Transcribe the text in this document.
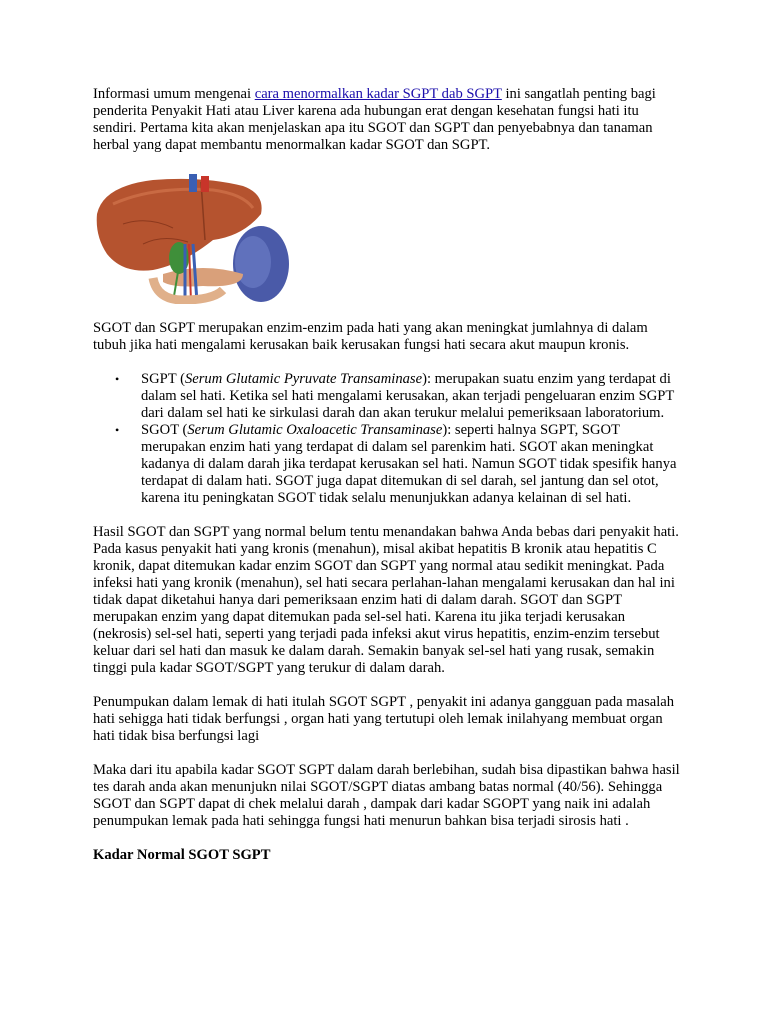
Informasi umum mengenai cara menormalkan kadar SGPT dab SGPT ini sangatlah penting bagi penderita Penyakit Hati atau Liver karena ada hubungan erat dengan kesehatan fungsi hati itu sendiri. Pertama kita akan menjelaskan apa itu SGOT dan SGPT dan penyebabnya dan tanaman herbal yang dapat membantu menormalkan kadar SGOT dan SGPT.

SGOT dan SGPT merupakan enzim-enzim pada hati yang akan meningkat jumlahnya di dalam tubuh jika hati mengalami kerusakan baik kerusakan fungsi hati secara akut maupun kronis.

• SGPT (Serum Glutamic Pyruvate Transaminase): merupakan suatu enzim yang terdapat di dalam sel hati. Ketika sel hati mengalami kerusakan, akan terjadi pengeluaran enzim SGPT dari dalam sel hati ke sirkulasi darah dan akan terukur melalui pemeriksaan laboratorium.
• SGOT (Serum Glutamic Oxaloacetic Transaminase): seperti halnya SGPT, SGOT merupakan enzim hati yang terdapat di dalam sel parenkim hati. SGOT akan meningkat kadanya di dalam darah jika terdapat kerusakan sel hati. Namun SGOT tidak spesifik hanya terdapat di dalam hati. SGOT juga dapat ditemukan di sel darah, sel jantung dan sel otot, karena itu peningkatan SGOT tidak selalu menunjukkan adanya kelainan di sel hati.

Hasil SGOT dan SGPT yang normal belum tentu menandakan bahwa Anda bebas dari penyakit hati. Pada kasus penyakit hati yang kronis (menahun), misal akibat hepatitis B kronik atau hepatitis C kronik, dapat ditemukan kadar enzim SGOT dan SGPT yang normal atau sedikit meningkat. Pada infeksi hati yang kronik (menahun), sel hati secara perlahan-lahan mengalami kerusakan dan hal ini tidak dapat diketahui hanya dari pemeriksaan enzim hati di dalam darah. SGOT dan SGPT merupakan enzim yang dapat ditemukan pada sel-sel hati. Karena itu jika terjadi kerusakan (nekrosis) sel-sel hati, seperti yang terjadi pada infeksi akut virus hepatitis, enzim-enzim tersebut keluar dari sel hati dan masuk ke dalam darah. Semakin banyak sel-sel hati yang rusak, semakin tinggi pula kadar SGOT/SGPT yang terukur di dalam darah.

Penumpukan dalam lemak di hati itulah SGOT SGPT , penyakit ini adanya gangguan pada masalah hati sehigga hati tidak berfungsi , organ hati yang tertutupi oleh lemak inilahyang membuat organ hati tidak bisa berfungsi lagi

Maka dari itu apabila kadar SGOT SGPT dalam darah berlebihan, sudah bisa dipastikan bahwa hasil tes darah anda akan menunjukn nilai SGOT/SGPT diatas ambang batas normal (40/56). Sehingga SGOT dan SGPT dapat di chek melalui darah , dampak dari kadar SGOPT yang naik ini adalah penumpukan lemak pada hati sehingga fungsi hati menurun bahkan bisa terjadi sirosis hati .

Kadar Normal SGOT SGPT
